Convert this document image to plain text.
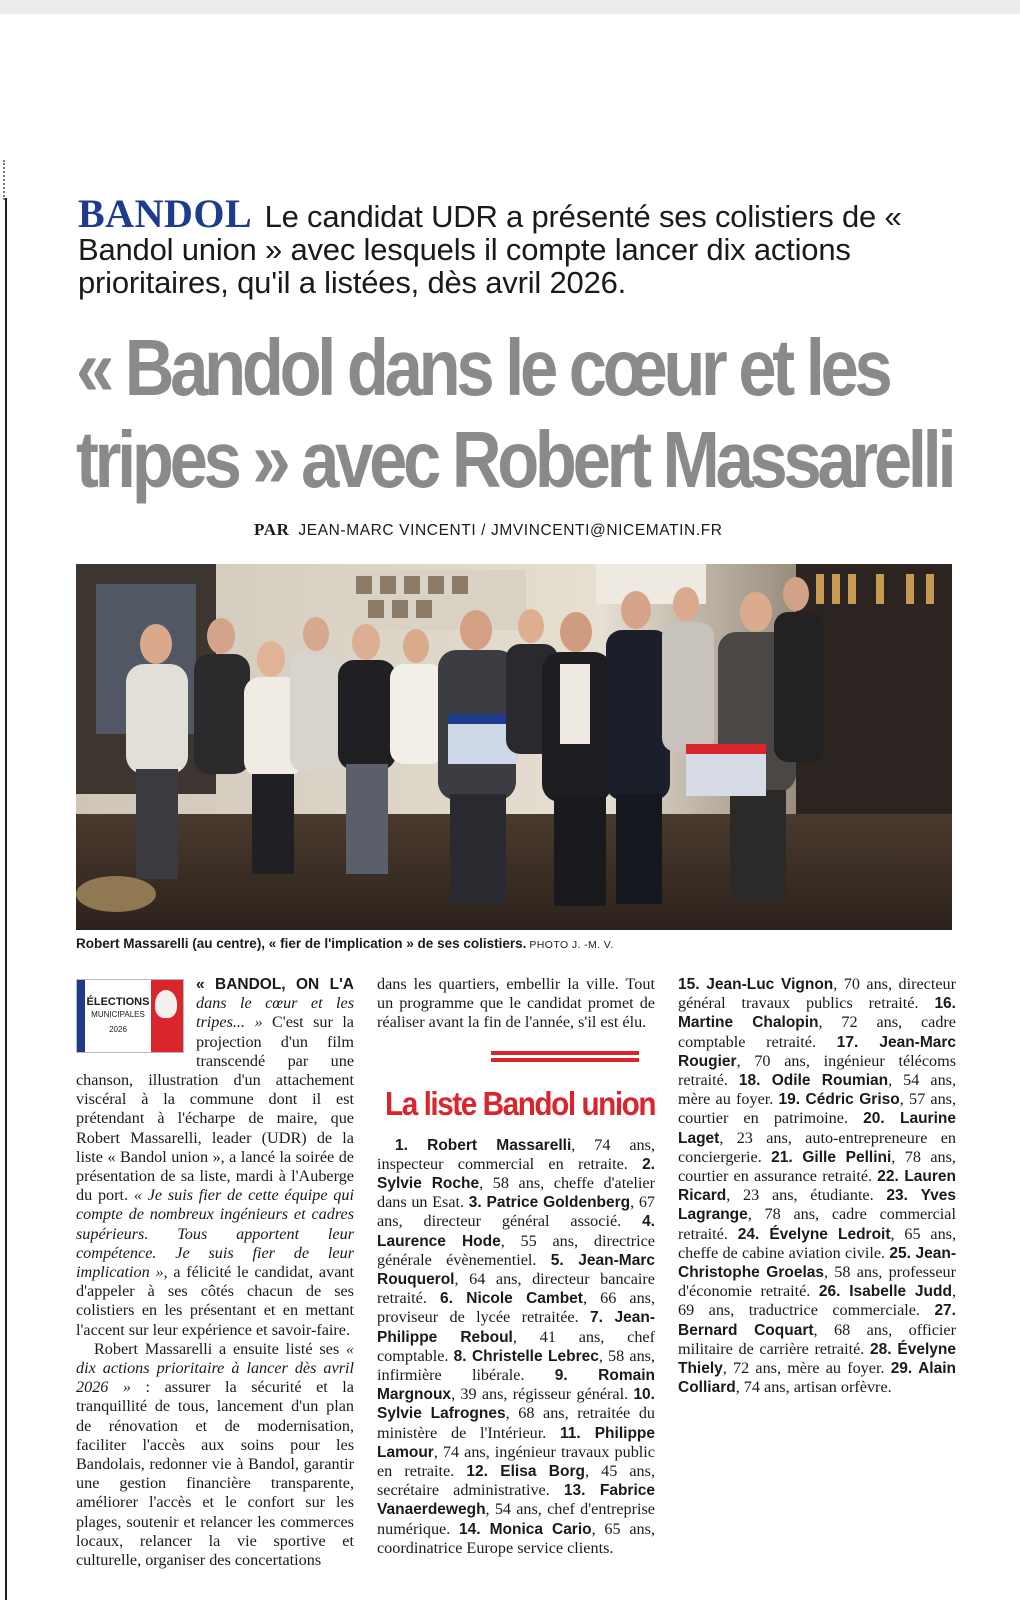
BANDOL Le candidat UDR a présenté ses colistiers de « Bandol union » avec lesquels il compte lancer dix actions prioritaires, qu'il a listées, dès avril 2026.
« Bandol dans le cœur et les tripes » avec Robert Massarelli
PAR JEAN-MARC VINCENTI / JMVINCENTI@NICEMATIN.FR
Robert Massarelli (au centre), « fier de l'implication » de ses colistiers. PHOTO J. -M. V.
ÉLECTIONS
MUNICIPALES
2026

« BANDOL, ON L'A dans le cœur et les tripes... » C'est sur la projection d'un film transcendé par une chanson, illustration d'un attachement viscéral à la commune dont il est prétendant à l'écharpe de maire, que Robert Massarelli, leader (UDR) de la liste « Bandol union », a lancé la soirée de présentation de sa liste, mardi à l'Auberge du port. « Je suis fier de cette équipe qui compte de nombreux ingénieurs et cadres supérieurs. Tous apportent leur compétence. Je suis fier de leur implication », a félicité le candidat, avant d'appeler à ses côtés chacun de ses colistiers en les présentant et en mettant l'accent sur leur expérience et savoir-faire.

Robert Massarelli a ensuite listé ses « dix actions prioritaire à lancer dès avril 2026 » : assurer la sécurité et la tranquillité de tous, lancement d'un plan de rénovation et de modernisation, faciliter l'accès aux soins pour les Bandolais, redonner vie à Bandol, garantir une gestion financière transparente, améliorer l'accès et le confort sur les plages, soutenir et relancer les commerces locaux, relancer la vie sportive et culturelle, organiser des concertations

dans les quartiers, embellir la ville. Tout un programme que le candidat promet de réaliser avant la fin de l'année, s'il est élu.

La liste Bandol union

1. Robert Massarelli, 74 ans, inspecteur commercial en retraite. 2. Sylvie Roche, 58 ans, cheffe d'atelier dans un Esat. 3. Patrice Goldenberg, 67 ans, directeur général associé. 4. Laurence Hode, 55 ans, directrice générale évènementiel. 5. Jean-Marc Rouquerol, 64 ans, directeur bancaire retraité. 6. Nicole Cambet, 66 ans, proviseur de lycée retraitée. 7. Jean-Philippe Reboul, 41 ans, chef comptable. 8. Christelle Lebrec, 58 ans, infirmière libérale. 9. Romain Margnoux, 39 ans, régisseur général. 10. Sylvie Lafrognes, 68 ans, retraitée du ministère de l'Intérieur. 11. Philippe Lamour, 74 ans, ingénieur travaux public en retraite. 12. Elisa Borg, 45 ans, secrétaire administrative. 13. Fabrice Vanaerdewegh, 54 ans, chef d'entreprise numérique. 14. Monica Cario, 65 ans, coordinatrice Europe service clients.

15. Jean-Luc Vignon, 70 ans, directeur général travaux publics retraité. 16. Martine Chalopin, 72 ans, cadre comptable retraité. 17. Jean-Marc Rougier, 70 ans, ingénieur télécoms retraité. 18. Odile Roumian, 54 ans, mère au foyer. 19. Cédric Griso, 57 ans, courtier en patrimoine. 20. Laurine Laget, 23 ans, auto-entrepreneure en conciergerie. 21. Gille Pellini, 78 ans, courtier en assurance retraité. 22. Lauren Ricard, 23 ans, étudiante. 23. Yves Lagrange, 78 ans, cadre commercial retraité. 24. Évelyne Ledroit, 65 ans, cheffe de cabine aviation civile. 25. Jean-Christophe Groelas, 58 ans, professeur d'économie retraité. 26. Isabelle Judd, 69 ans, traductrice commerciale. 27. Bernard Coquart, 68 ans, officier militaire de carrière retraité. 28. Évelyne Thiely, 72 ans, mère au foyer. 29. Alain Colliard, 74 ans, artisan orfèvre.
